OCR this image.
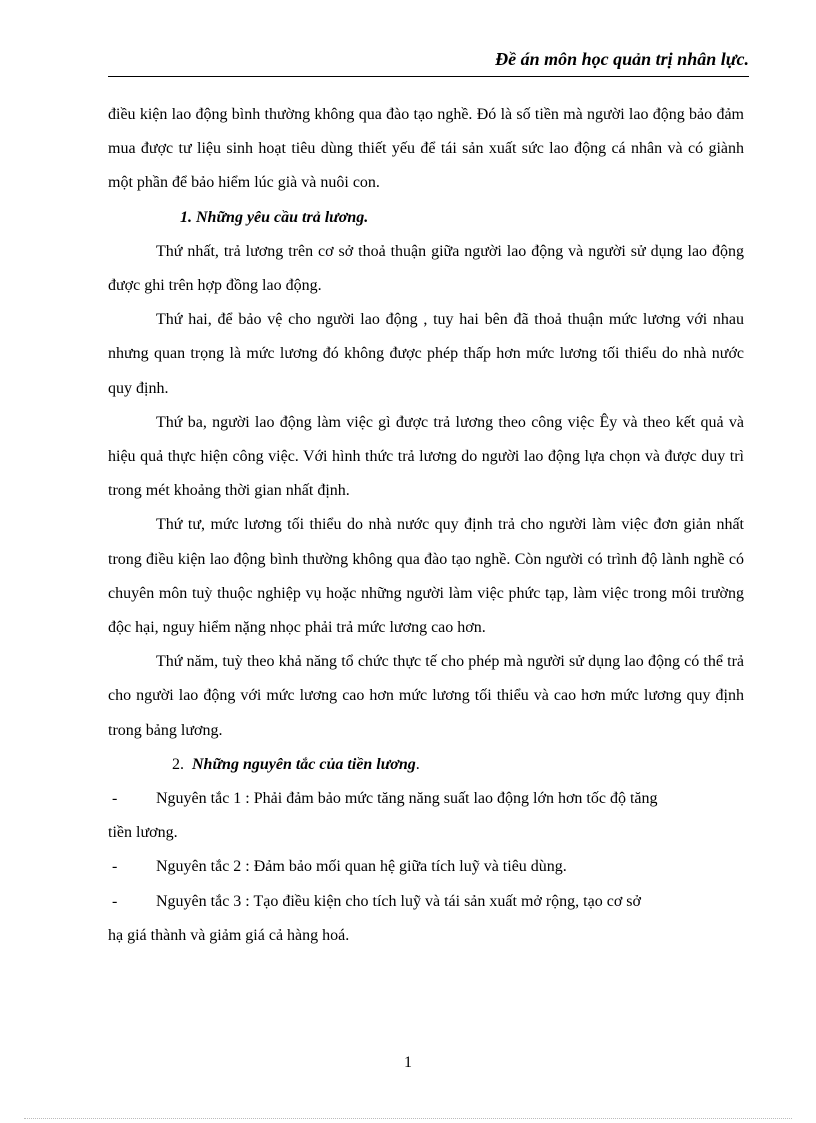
Đề án môn học quản trị nhân lực.

điều kiện lao động bình thường không qua đào tạo nghề. Đó là số tiền mà người lao động bảo đảm mua được tư liệu sinh hoạt tiêu dùng thiết yếu để tái sản xuất sức lao động cá nhân và có giành một phần để bảo hiểm lúc già và nuôi con.

1. Những yêu cầu trả lương.

Thứ nhất, trả lương trên cơ sở thoả thuận giữa người lao động và người sử dụng lao động được ghi trên hợp đồng lao động.

Thứ hai, để bảo vệ cho người lao động , tuy hai bên đã thoả thuận mức lương với nhau nhưng quan trọng là mức lương đó không được phép thấp hơn mức lương tối thiểu do nhà nước quy định.

Thứ ba, người lao động làm việc gì được trả lương theo công việc Êy và theo kết quả và hiệu quả thực hiện công việc. Với hình thức trả lương do người lao động lựa chọn và được duy trì trong mét khoảng thời gian nhất định.

Thứ tư, mức lương tối thiểu do nhà nước quy định trả cho người làm việc đơn giản nhất trong điều kiện lao động bình thường không qua đào tạo nghề. Còn người có trình độ lành nghề có chuyên môn tuỳ thuộc nghiệp vụ hoặc những người làm việc phức tạp, làm việc trong môi trường độc hại, nguy hiểm nặng nhọc phải trả mức lương cao hơn.

Thứ năm, tuỳ theo khả năng tổ chức thực tế cho phép mà người sử dụng lao động có thể trả cho người lao động với mức lương cao hơn mức lương tối thiểu và cao hơn mức lương quy định trong bảng lương.

2. Những nguyên tắc của tiền lương.

- Nguyên tắc 1 : Phải đảm bảo mức tăng năng suất lao động lớn hơn tốc độ tăng
tiền lương.

- Nguyên tắc 2 : Đảm bảo mối quan hệ giữa tích luỹ và tiêu dùng.

- Nguyên tắc 3 : Tạo điều kiện cho tích luỹ và tái sản xuất mở rộng, tạo cơ sở
hạ giá thành và giảm giá cả hàng hoá.

1
